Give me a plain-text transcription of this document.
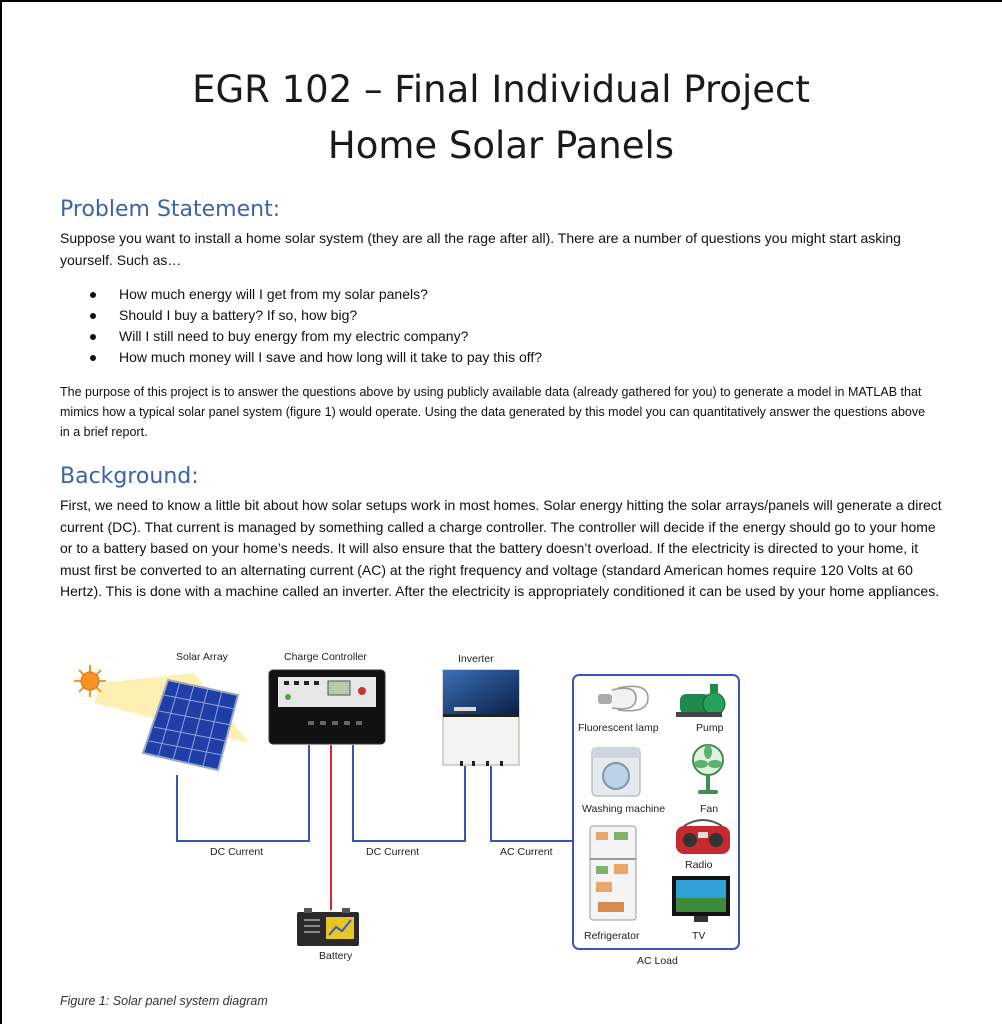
EGR 102 – Final Individual Project
Home Solar Panels
Problem Statement:

Suppose you want to install a home solar system (they are all the rage after all). There are a number of questions you might start asking yourself. Such as…

How much energy will I get from my solar panels?
Should I buy a battery? If so, how big?
Will I still need to buy energy from my electric company?
How much money will I save and how long will it take to pay this off?

The purpose of this project is to answer the questions above by using publicly available data (already gathered for you) to generate a model in MATLAB that mimics how a typical solar panel system (figure 1) would operate. Using the data generated by this model you can quantitatively answer the questions above in a brief report.

Background:

First, we need to know a little bit about how solar setups work in most homes. Solar energy hitting the solar arrays/panels will generate a direct current (DC). That current is managed by something called a charge controller. The controller will decide if the energy should go to your home or to a battery based on your home’s needs. It will also ensure that the battery doesn’t overload. If the electricity is directed to your home, it must first be converted to an alternating current (AC) at the right frequency and voltage (standard American homes require 120 Volts at 60 Hertz). This is done with a machine called an inverter. After the electricity is appropriately conditioned it can be used by your home appliances.

Solar Array	Charge Controller	Inverter
DC Current	DC Current	AC Current
Battery
Fluorescent lamp	Pump
Washing machine	Fan
Refrigerator
Radio
TV
AC Load

Figure 1: Solar panel system diagram
